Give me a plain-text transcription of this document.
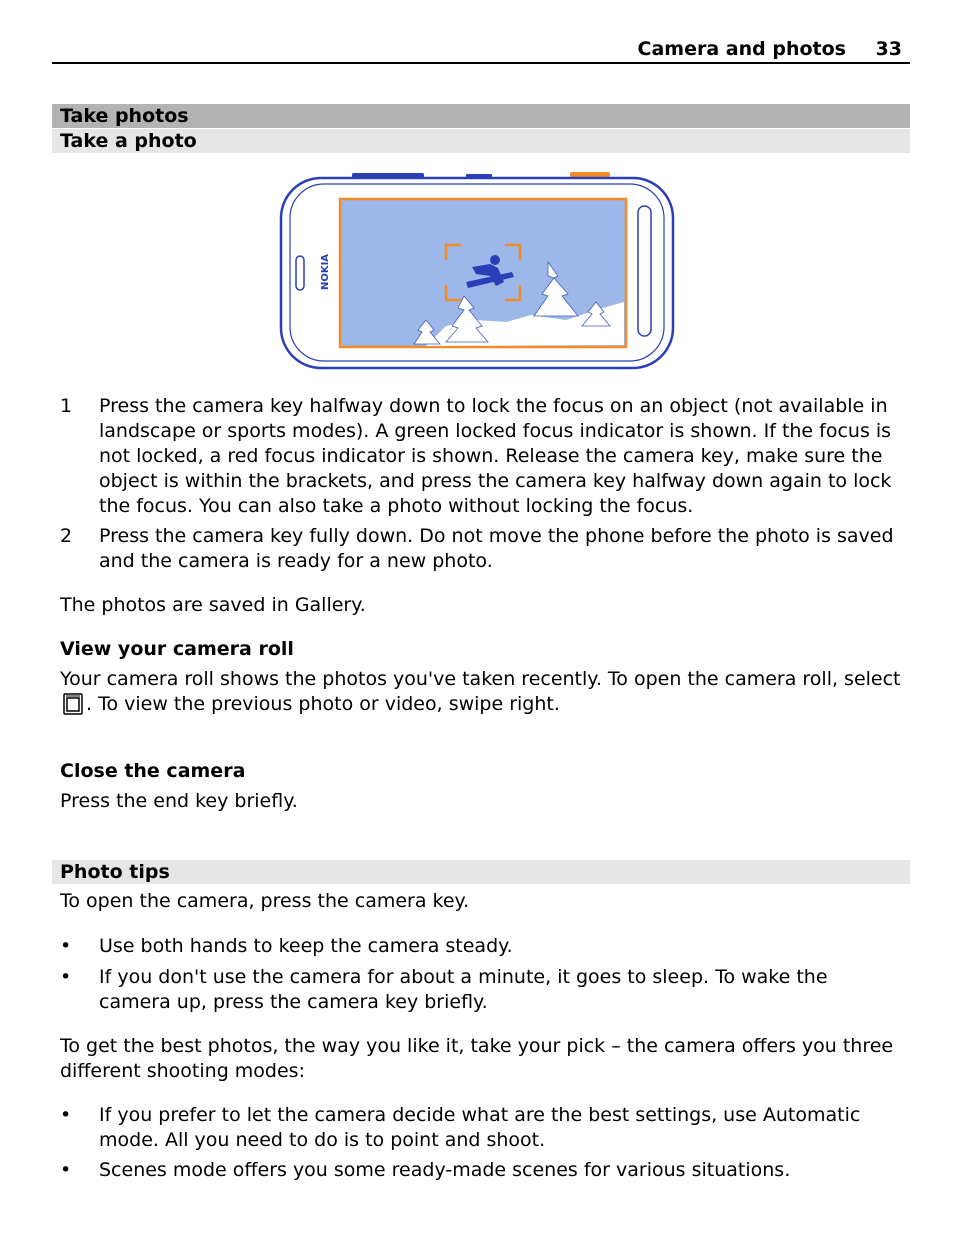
Camera and photos 33
Take photos
Take a photo
NOKIA
1 Press the camera key halfway down to lock the focus on an object (not available in landscape or sports modes). A green locked focus indicator is shown. If the focus is not locked, a red focus indicator is shown. Release the camera key, make sure the object is within the brackets, and press the camera key halfway down again to lock the focus. You can also take a photo without locking the focus.
2 Press the camera key fully down. Do not move the phone before the photo is saved and the camera is ready for a new photo.
The photos are saved in Gallery.
View your camera roll
Your camera roll shows the photos you've taken recently. To open the camera roll, select . To view the previous photo or video, swipe right.
Close the camera
Press the end key briefly.
Photo tips
To open the camera, press the camera key.
• Use both hands to keep the camera steady.
• If you don't use the camera for about a minute, it goes to sleep. To wake the camera up, press the camera key briefly.
To get the best photos, the way you like it, take your pick – the camera offers you three different shooting modes:
• If you prefer to let the camera decide what are the best settings, use Automatic mode. All you need to do is to point and shoot.
• Scenes mode offers you some ready-made scenes for various situations.
